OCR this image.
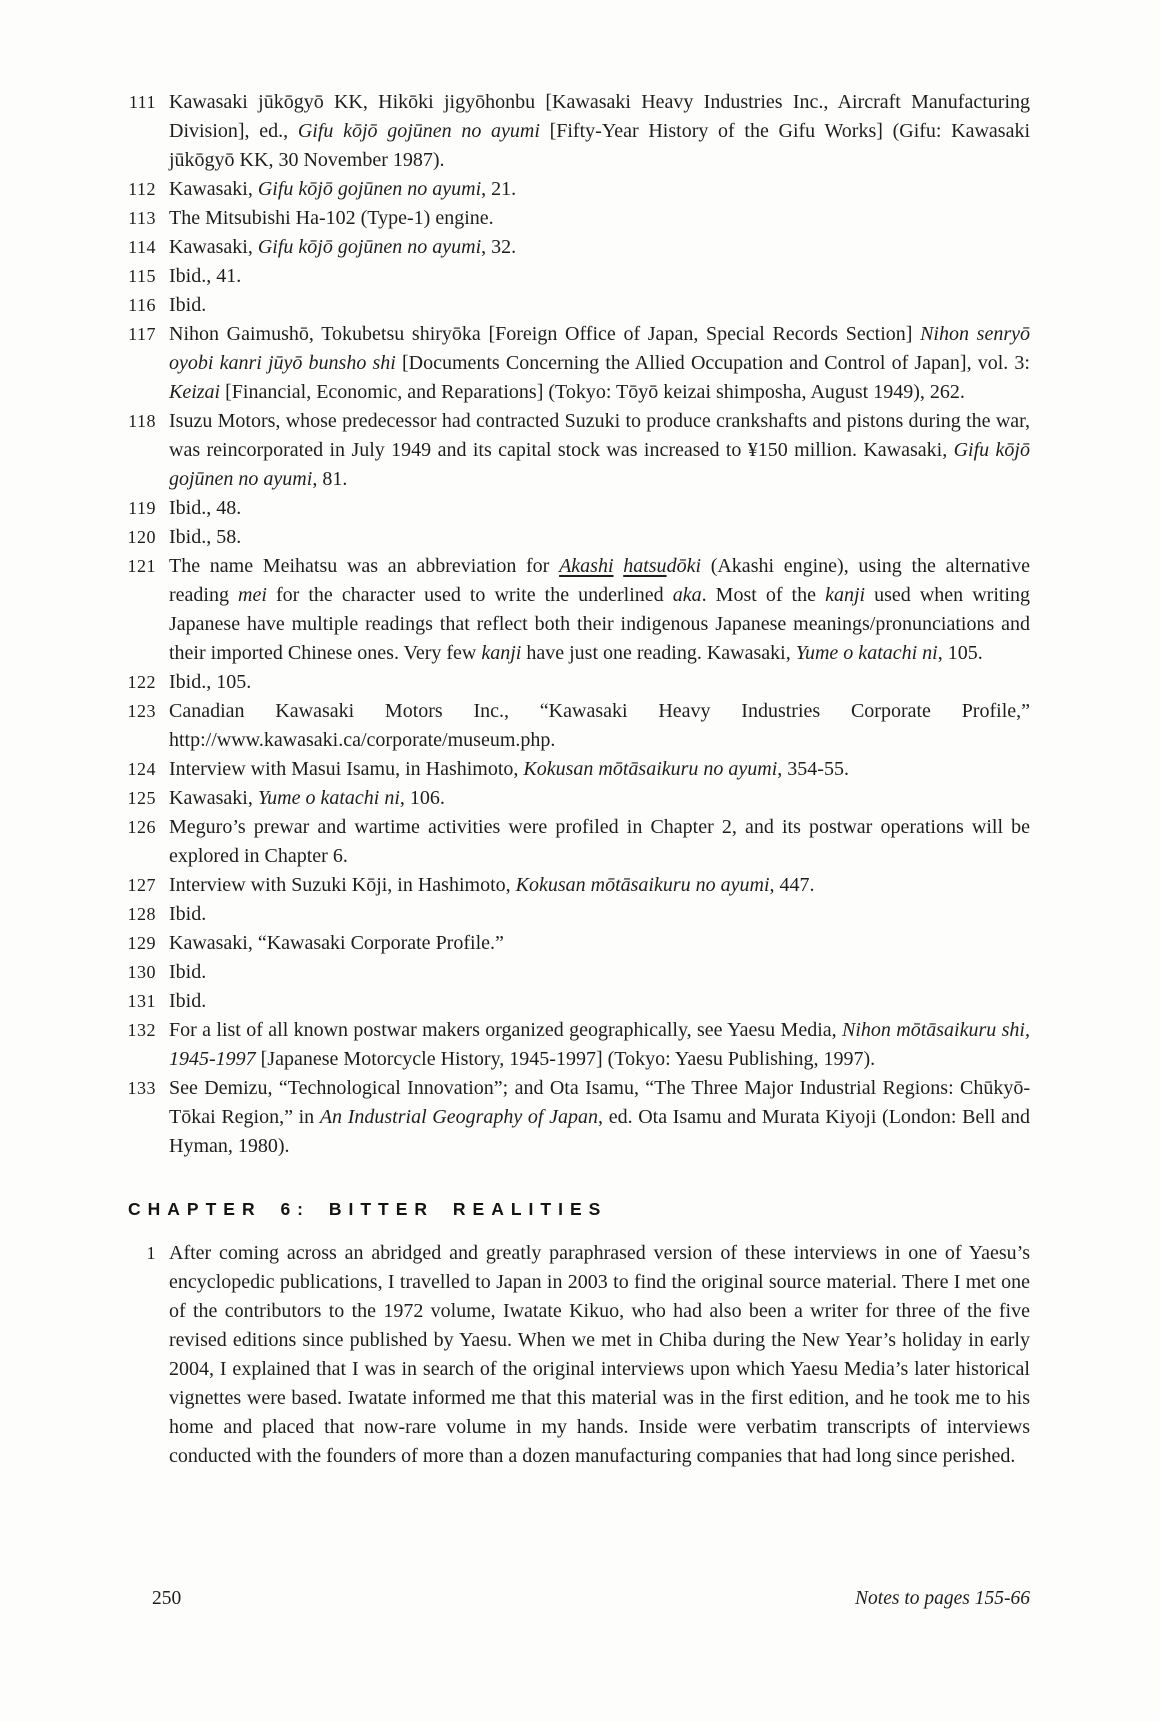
111 Kawasaki jūkōgyō KK, Hikōki jigyōhonbu [Kawasaki Heavy Industries Inc., Aircraft Manufacturing Division], ed., Gifu kōjō gojūnen no ayumi [Fifty-Year History of the Gifu Works] (Gifu: Kawasaki jūkōgyō KK, 30 November 1987).
112 Kawasaki, Gifu kōjō gojūnen no ayumi, 21.
113 The Mitsubishi Ha-102 (Type-1) engine.
114 Kawasaki, Gifu kōjō gojūnen no ayumi, 32.
115 Ibid., 41.
116 Ibid.
117 Nihon Gaimushō, Tokubetsu shiryōka [Foreign Office of Japan, Special Records Section] Nihon senryō oyobi kanri jūyō bunsho shi [Documents Concerning the Allied Occupation and Control of Japan], vol. 3: Keizai [Financial, Economic, and Reparations] (Tokyo: Tōyō keizai shimposha, August 1949), 262.
118 Isuzu Motors, whose predecessor had contracted Suzuki to produce crankshafts and pistons during the war, was reincorporated in July 1949 and its capital stock was increased to ¥150 million. Kawasaki, Gifu kōjō gojūnen no ayumi, 81.
119 Ibid., 48.
120 Ibid., 58.
121 The name Meihatsu was an abbreviation for Akashi hatsudōki (Akashi engine), using the alternative reading mei for the character used to write the underlined aka. Most of the kanji used when writing Japanese have multiple readings that reflect both their indigenous Japanese meanings/pronunciations and their imported Chinese ones. Very few kanji have just one reading. Kawasaki, Yume o katachi ni, 105.
122 Ibid., 105.
123 Canadian Kawasaki Motors Inc., “Kawasaki Heavy Industries Corporate Profile,” http://www.kawasaki.ca/corporate/museum.php.
124 Interview with Masui Isamu, in Hashimoto, Kokusan mōtāsaikuru no ayumi, 354-55.
125 Kawasaki, Yume o katachi ni, 106.
126 Meguro’s prewar and wartime activities were profiled in Chapter 2, and its postwar operations will be explored in Chapter 6.
127 Interview with Suzuki Kōji, in Hashimoto, Kokusan mōtāsaikuru no ayumi, 447.
128 Ibid.
129 Kawasaki, “Kawasaki Corporate Profile.”
130 Ibid.
131 Ibid.
132 For a list of all known postwar makers organized geographically, see Yaesu Media, Nihon mōtāsaikuru shi, 1945-1997 [Japanese Motorcycle History, 1945-1997] (Tokyo: Yaesu Publishing, 1997).
133 See Demizu, “Technological Innovation”; and Ota Isamu, “The Three Major Industrial Regions: Chūkyō-Tōkai Region,” in An Industrial Geography of Japan, ed. Ota Isamu and Murata Kiyoji (London: Bell and Hyman, 1980).
CHAPTER 6: BITTER REALITIES
1 After coming across an abridged and greatly paraphrased version of these interviews in one of Yaesu’s encyclopedic publications, I travelled to Japan in 2003 to find the original source material. There I met one of the contributors to the 1972 volume, Iwatate Kikuo, who had also been a writer for three of the five revised editions since published by Yaesu. When we met in Chiba during the New Year’s holiday in early 2004, I explained that I was in search of the original interviews upon which Yaesu Media’s later historical vignettes were based. Iwatate informed me that this material was in the first edition, and he took me to his home and placed that now-rare volume in my hands. Inside were verbatim transcripts of interviews conducted with the founders of more than a dozen manufacturing companies that had long since perished.
250	Notes to pages 155-66
